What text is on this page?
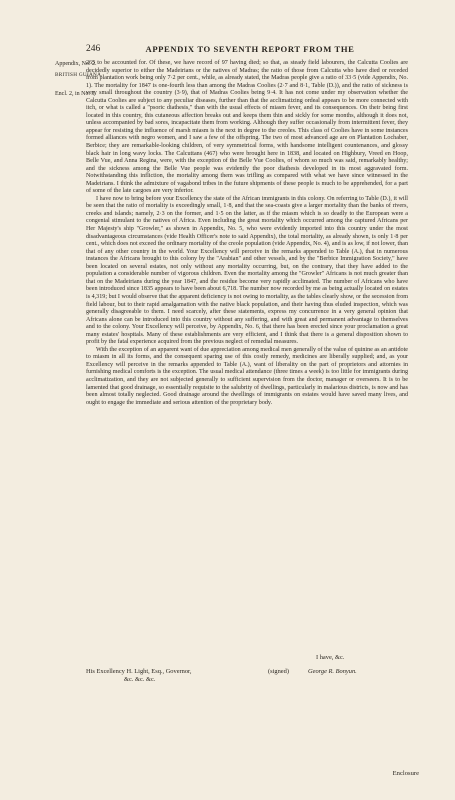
246	APPENDIX TO SEVENTH REPORT FROM THE
Appendix, No. 2.
BRITISH GUIANA.
Encl. 2, in No. 3.

265 to be accounted for. Of these, we have record of 97 having died; so that, as steady field labourers, the Calcutta Coolies are decidedly superior to either the Madeirians or the natives of Madras; the ratio of those from Calcutta who have died or receded from plantation work being only 7·2 per cent., while, as already stated, the Madras people give a ratio of 33·5 (vide Appendix, No. 1). The mortality for 1847 is one-fourth less than among the Madras Coolies (2·7 and 8·1, Table (D.)), and the ratio of sickness is very small throughout the country (3·9), that of Madras Coolies being 9·4. It has not come under my observation whether the Calcutta Coolies are subject to any peculiar diseases, further than that the acclimatizing ordeal appears to be more connected with itch, or what is called a "psoric diathesis," than with the usual effects of miasm fever, and its consequences. On their being first located in this country, this cutaneous affection breaks out and keeps them thin and sickly for some months, although it does not, unless accompanied by bad sores, incapacitate them from working. Although they suffer occasionally from intermittent fever, they appear for resisting the influence of marsh miasm is the next in degree to the creoles. This class of Coolies have in some instances formed alliances with negro women, and I saw a few of the offspring. The two of most advanced age are on Plantation Lochaber, Berbice; they are remarkable-looking children, of very symmetrical forms, with handsome intelligent countenances, and glossy black hair in long wavy locks. The Calcuttans (467) who were brought here in 1838, and located on Highbury, Vreed en Hoop, Belle Vue, and Anna Regina, were, with the exception of the Belle Vue Coolies, of whom so much was said, remarkably healthy; and the sickness among the Belle Vue people was evidently the poor diathesis developed in its most aggravated form. Notwithstanding this infliction, the mortality among them was trifling as compared with what we have since witnessed in the Madeirians. I think the admixture of vagabond tribes in the future shipments of these people is much to be apprehended, for a part of some of the late cargoes are very inferior.

I have now to bring before your Excellency the state of the African immigrants in this colony. On referring to Table (D.), it will be seen that the ratio of mortality is exceedingly small, 1·8, and that the sea-coasts give a larger mortality than the banks of rivers, creeks and islands; namely, 2·3 on the former, and 1·5 on the latter, as if the miasm which is so deadly to the European were a congenial stimulant to the natives of Africa. Even including the great mortality which occurred among the captured Africans per Her Majesty's ship "Growler," as shown in Appendix, No. 5, who were evidently imported into this country under the most disadvantageous circumstances (vide Health Officer's note to said Appendix), the total mortality, as already shown, is only 1·8 per cent., which does not exceed the ordinary mortality of the creole population (vide Appendix, No. 4), and is as low, if not lower, than that of any other country in the world. Your Excellency will perceive in the remarks appended to Table (A.), that in numerous instances the Africans brought to this colony by the "Arabian" and other vessels, and by the "Berbice Immigration Society," have been located on several estates, not only without any mortality occurring, but, on the contrary, that they have added to the population a considerable number of vigorous children. Even the mortality among the "Growler" Africans is not much greater than that on the Madeirians during the year 1847, and the residue become very rapidly acclimated. The number of Africans who have been introduced since 1835 appears to have been about 6,718. The number now recorded by me as being actually located on estates is 4,319; but I would observe that the apparent deficiency is not owing to mortality, as the tables clearly show, or the secession from field labour, but to their rapid amalgamation with the native black population, and their having thus eluded inspection, which was generally disagreeable to them. I need scarcely, after these statements, express my concurrence in a very general opinion that Africans alone can be introduced into this country without any suffering, and with great and permanent advantage to themselves and to the colony. Your Excellency will perceive, by Appendix, No. 6, that there has been erected since your proclamation a great many estates' hospitals. Many of these establishments are very efficient, and I think that there is a general disposition shown to profit by the fatal experience acquired from the previous neglect of remedial measures.

With the exception of an apparent want of due appreciation among medical men generally of the value of quinine as an antidote to miasm in all its forms, and the consequent sparing use of this costly remedy, medicines are liberally supplied; and, as your Excellency will perceive in the remarks appended to Table (A.), want of liberality on the part of proprietors and attornies in furnishing medical comforts is the exception. The usual medical attendance (three times a week) is too little for immigrants during acclimatization, and they are not subjected generally to sufficient supervision from the doctor, manager or overseers. It is to be lamented that good drainage, so essentially requisite to the salubrity of dwellings, particularly in malarious districts, is now and has been almost totally neglected. Good drainage around the dwellings of immigrants on estates would have saved many lives, and ought to engage the immediate and serious attention of the proprietary body.

I have, &c.
His Excellency H. Light, Esq., Governor,
&c. &c. &c.
(signed)	George R. Bonyun.
Enclosure
